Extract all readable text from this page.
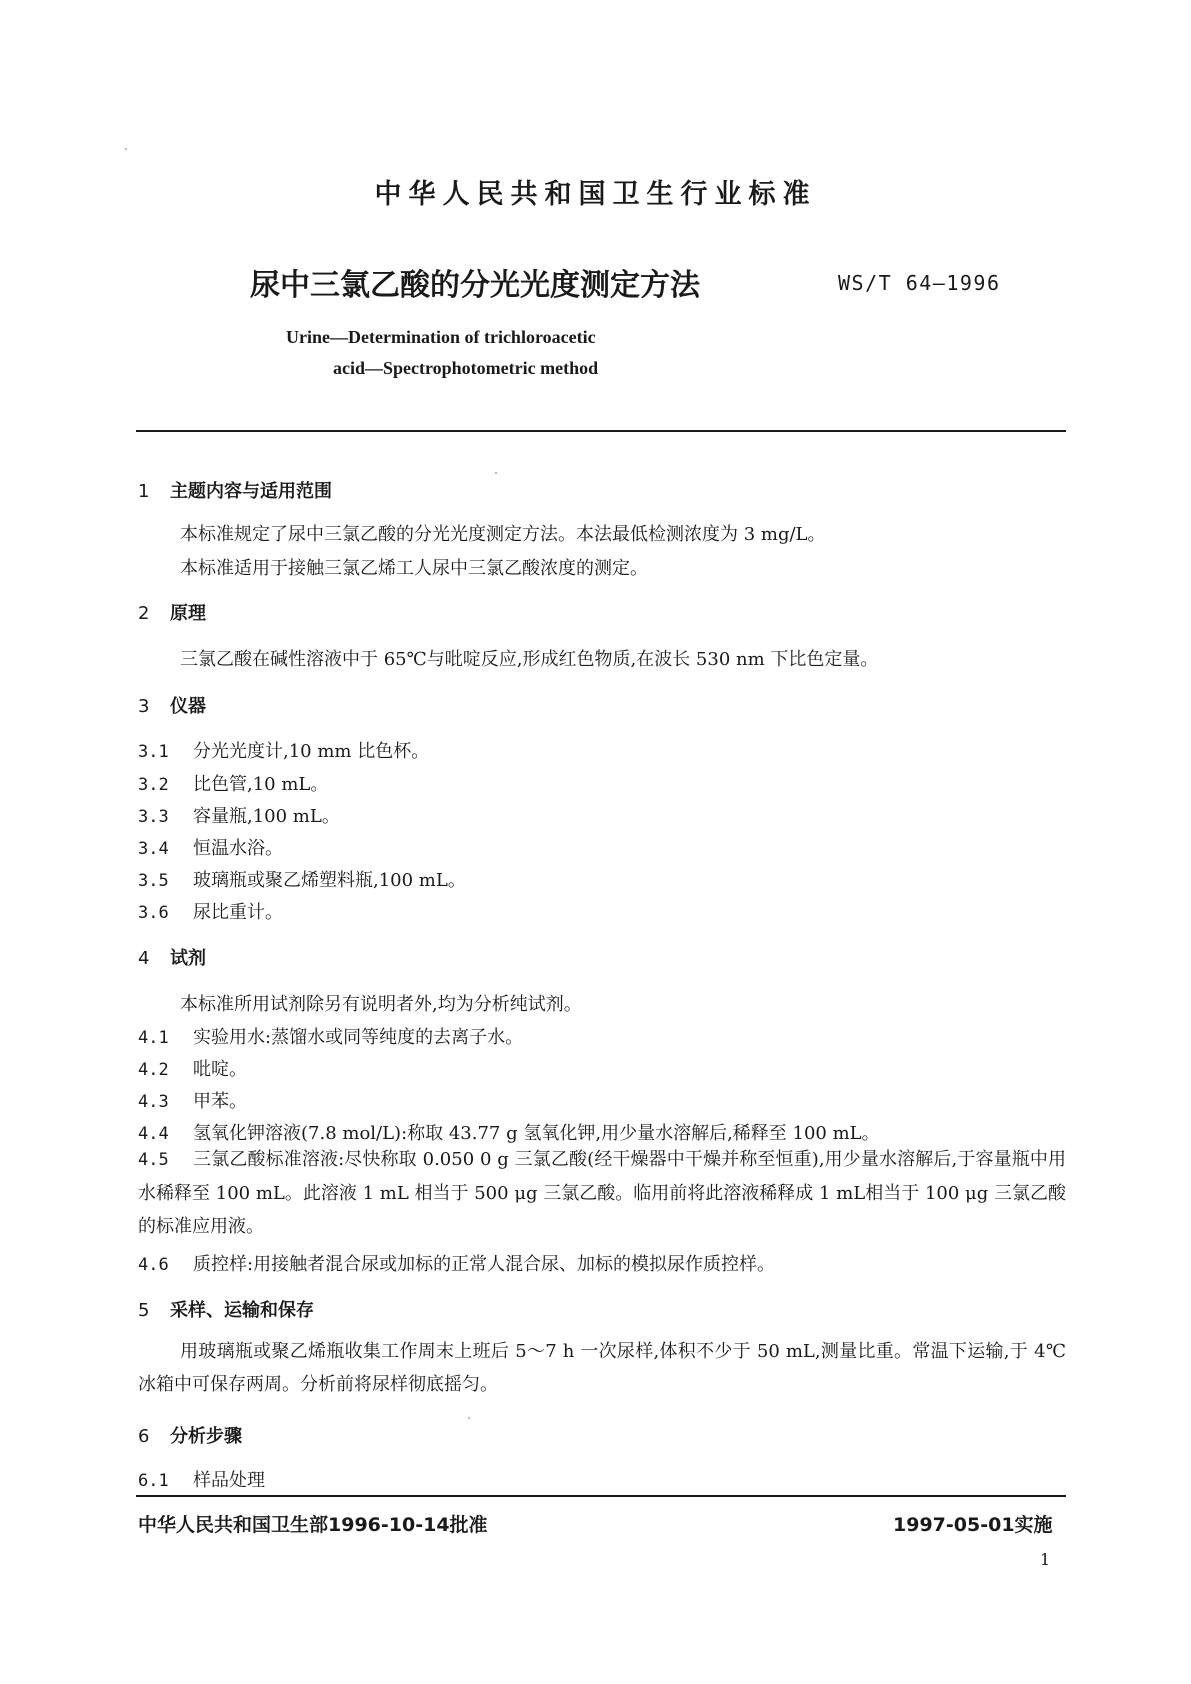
中华人民共和国卫生行业标准
尿中三氯乙酸的分光光度测定方法	WS/T 64—1996
Urine—Determination of trichloroacetic
acid—Spectrophotometric method
1 主题内容与适用范围
本标准规定了尿中三氯乙酸的分光光度测定方法。本法最低检测浓度为 3 mg/L。
本标准适用于接触三氯乙烯工人尿中三氯乙酸浓度的测定。
2 原理
三氯乙酸在碱性溶液中于 65℃与吡啶反应,形成红色物质,在波长 530 nm 下比色定量。
3 仪器
3.1 分光光度计,10 mm 比色杯。
3.2 比色管,10 mL。
3.3 容量瓶,100 mL。
3.4 恒温水浴。
3.5 玻璃瓶或聚乙烯塑料瓶,100 mL。
3.6 尿比重计。
4 试剂
本标准所用试剂除另有说明者外,均为分析纯试剂。
4.1 实验用水:蒸馏水或同等纯度的去离子水。
4.2 吡啶。
4.3 甲苯。
4.4 氢氧化钾溶液(7.8 mol/L):称取 43.77 g 氢氧化钾,用少量水溶解后,稀释至 100 mL。
4.5 三氯乙酸标准溶液:尽快称取 0.050 0 g 三氯乙酸(经干燥器中干燥并称至恒重),用少量水溶解后,于容量瓶中用水稀释至 100 mL。此溶液 1 mL 相当于 500 μg 三氯乙酸。临用前将此溶液稀释成 1 mL相当于 100 μg 三氯乙酸的标准应用液。
4.6 质控样:用接触者混合尿或加标的正常人混合尿、加标的模拟尿作质控样。
5 采样、运输和保存
用玻璃瓶或聚乙烯瓶收集工作周末上班后 5～7 h 一次尿样,体积不少于 50 mL,测量比重。常温下运输,于 4℃冰箱中可保存两周。分析前将尿样彻底摇匀。
6 分析步骤
6.1 样品处理
中华人民共和国卫生部1996-10-14批准	1997-05-01实施
1
